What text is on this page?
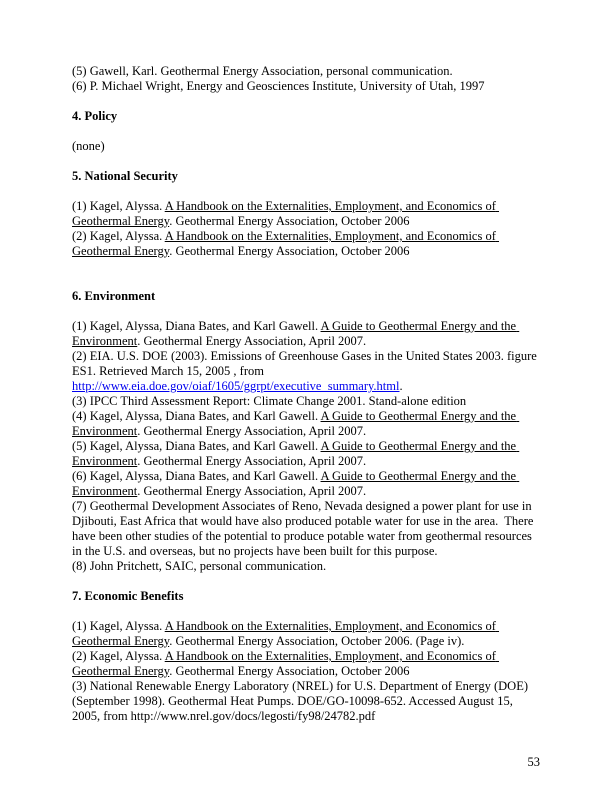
(5) Gawell, Karl. Geothermal Energy Association, personal communication.

(6) P. Michael Wright, Energy and Geosciences Institute, University of Utah, 1997

4. Policy

(none)

5. National Security

(1) Kagel, Alyssa. A Handbook on the Externalities, Employment, and Economics of Geothermal Energy. Geothermal Energy Association, October 2006

(2) Kagel, Alyssa. A Handbook on the Externalities, Employment, and Economics of Geothermal Energy. Geothermal Energy Association, October 2006

6. Environment

(1) Kagel, Alyssa, Diana Bates, and Karl Gawell. A Guide to Geothermal Energy and the Environment. Geothermal Energy Association, April 2007.

(2) EIA. U.S. DOE (2003). Emissions of Greenhouse Gases in the United States 2003. figure ES1. Retrieved March 15, 2005 , from http://www.eia.doe.gov/oiaf/1605/ggrpt/executive_summary.html.

(3) IPCC Third Assessment Report: Climate Change 2001. Stand-alone edition

(4) Kagel, Alyssa, Diana Bates, and Karl Gawell. A Guide to Geothermal Energy and the Environment. Geothermal Energy Association, April 2007.

(5) Kagel, Alyssa, Diana Bates, and Karl Gawell. A Guide to Geothermal Energy and the Environment. Geothermal Energy Association, April 2007.

(6) Kagel, Alyssa, Diana Bates, and Karl Gawell. A Guide to Geothermal Energy and the Environment. Geothermal Energy Association, April 2007.

(7) Geothermal Development Associates of Reno, Nevada designed a power plant for use in Djibouti, East Africa that would have also produced potable water for use in the area.  There have been other studies of the potential to produce potable water from geothermal resources in the U.S. and overseas, but no projects have been built for this purpose.

(8) John Pritchett, SAIC, personal communication.

7. Economic Benefits

(1) Kagel, Alyssa. A Handbook on the Externalities, Employment, and Economics of Geothermal Energy. Geothermal Energy Association, October 2006. (Page iv).

(2) Kagel, Alyssa. A Handbook on the Externalities, Employment, and Economics of Geothermal Energy. Geothermal Energy Association, October 2006

(3) National Renewable Energy Laboratory (NREL) for U.S. Department of Energy (DOE) (September 1998). Geothermal Heat Pumps. DOE/GO-10098-652. Accessed August 15, 2005, from http://www.nrel.gov/docs/legosti/fy98/24782.pdf

53
